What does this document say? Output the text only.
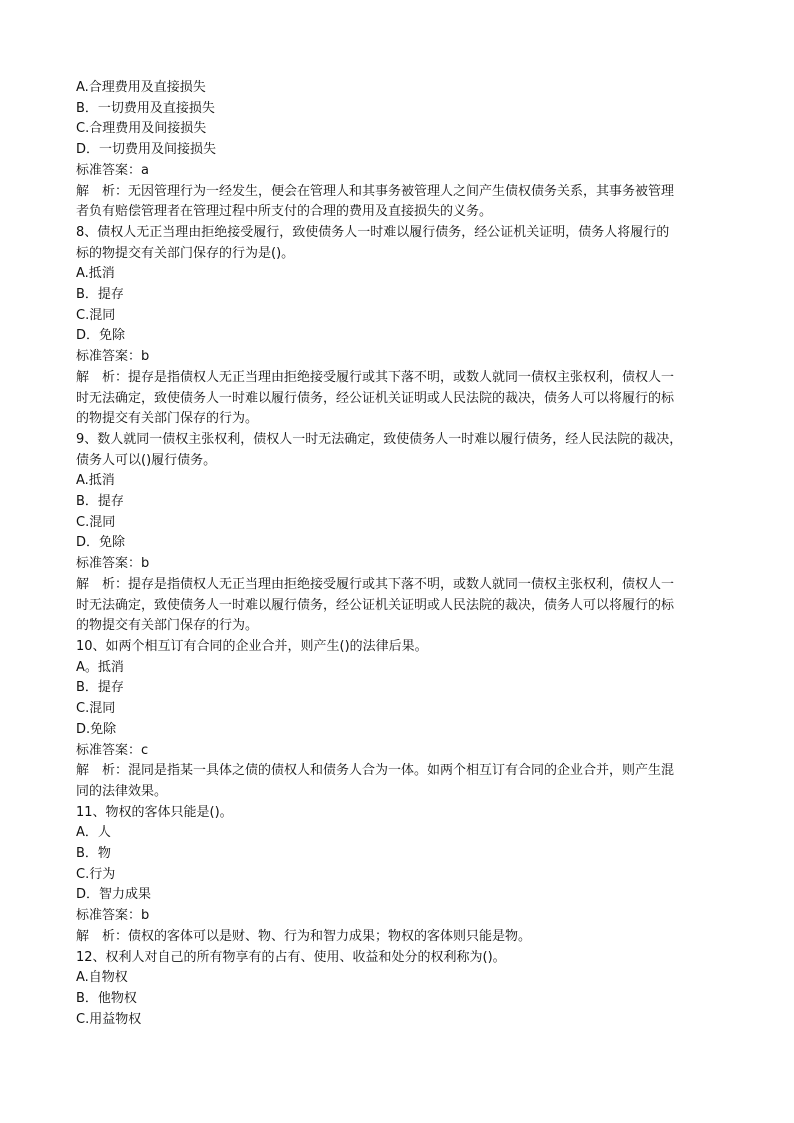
A.合理费用及直接损失
B．一切费用及直接损失
C.合理费用及间接损失
D．一切费用及间接损失
标准答案：a
解　析：无因管理行为一经发生，便会在管理人和其事务被管理人之间产生债权债务关系，其事务被管理
者负有赔偿管理者在管理过程中所支付的合理的费用及直接损失的义务。
8、债权人无正当理由拒绝接受履行，致使债务人一时难以履行债务，经公证机关证明，债务人将履行的
标的物提交有关部门保存的行为是()。
A.抵消
B．提存
C.混同
D．免除
标准答案：b
解　析：提存是指债权人无正当理由拒绝接受履行或其下落不明，或数人就同一债权主张权利，债权人一
时无法确定，致使债务人一时难以履行债务，经公证机关证明或人民法院的裁决，债务人可以将履行的标
的物提交有关部门保存的行为。
9、数人就同一债权主张权利，债权人一时无法确定，致使债务人一时难以履行债务，经人民法院的裁决，
债务人可以()履行债务。
A.抵消
B．提存
C.混同
D．免除
标准答案：b
解　析：提存是指债权人无正当理由拒绝接受履行或其下落不明，或数人就同一债权主张权利，债权人一
时无法确定，致使债务人一时难以履行债务，经公证机关证明或人民法院的裁决，债务人可以将履行的标
的物提交有关部门保存的行为。
10、如两个相互订有合同的企业合并，则产生()的法律后果。
A。抵消
B．提存
C.混同
D.免除
标准答案：c
解　析：混同是指某一具体之债的债权人和债务人合为一体。如两个相互订有合同的企业合并，则产生混
同的法律效果。
11、物权的客体只能是()。
A．人
B．物
C.行为
D．智力成果
标准答案：b
解　析：债权的客体可以是财、物、行为和智力成果；物权的客体则只能是物。
12、权利人对自己的所有物享有的占有、使用、收益和处分的权利称为()。
A.自物权
B．他物权
C.用益物权
